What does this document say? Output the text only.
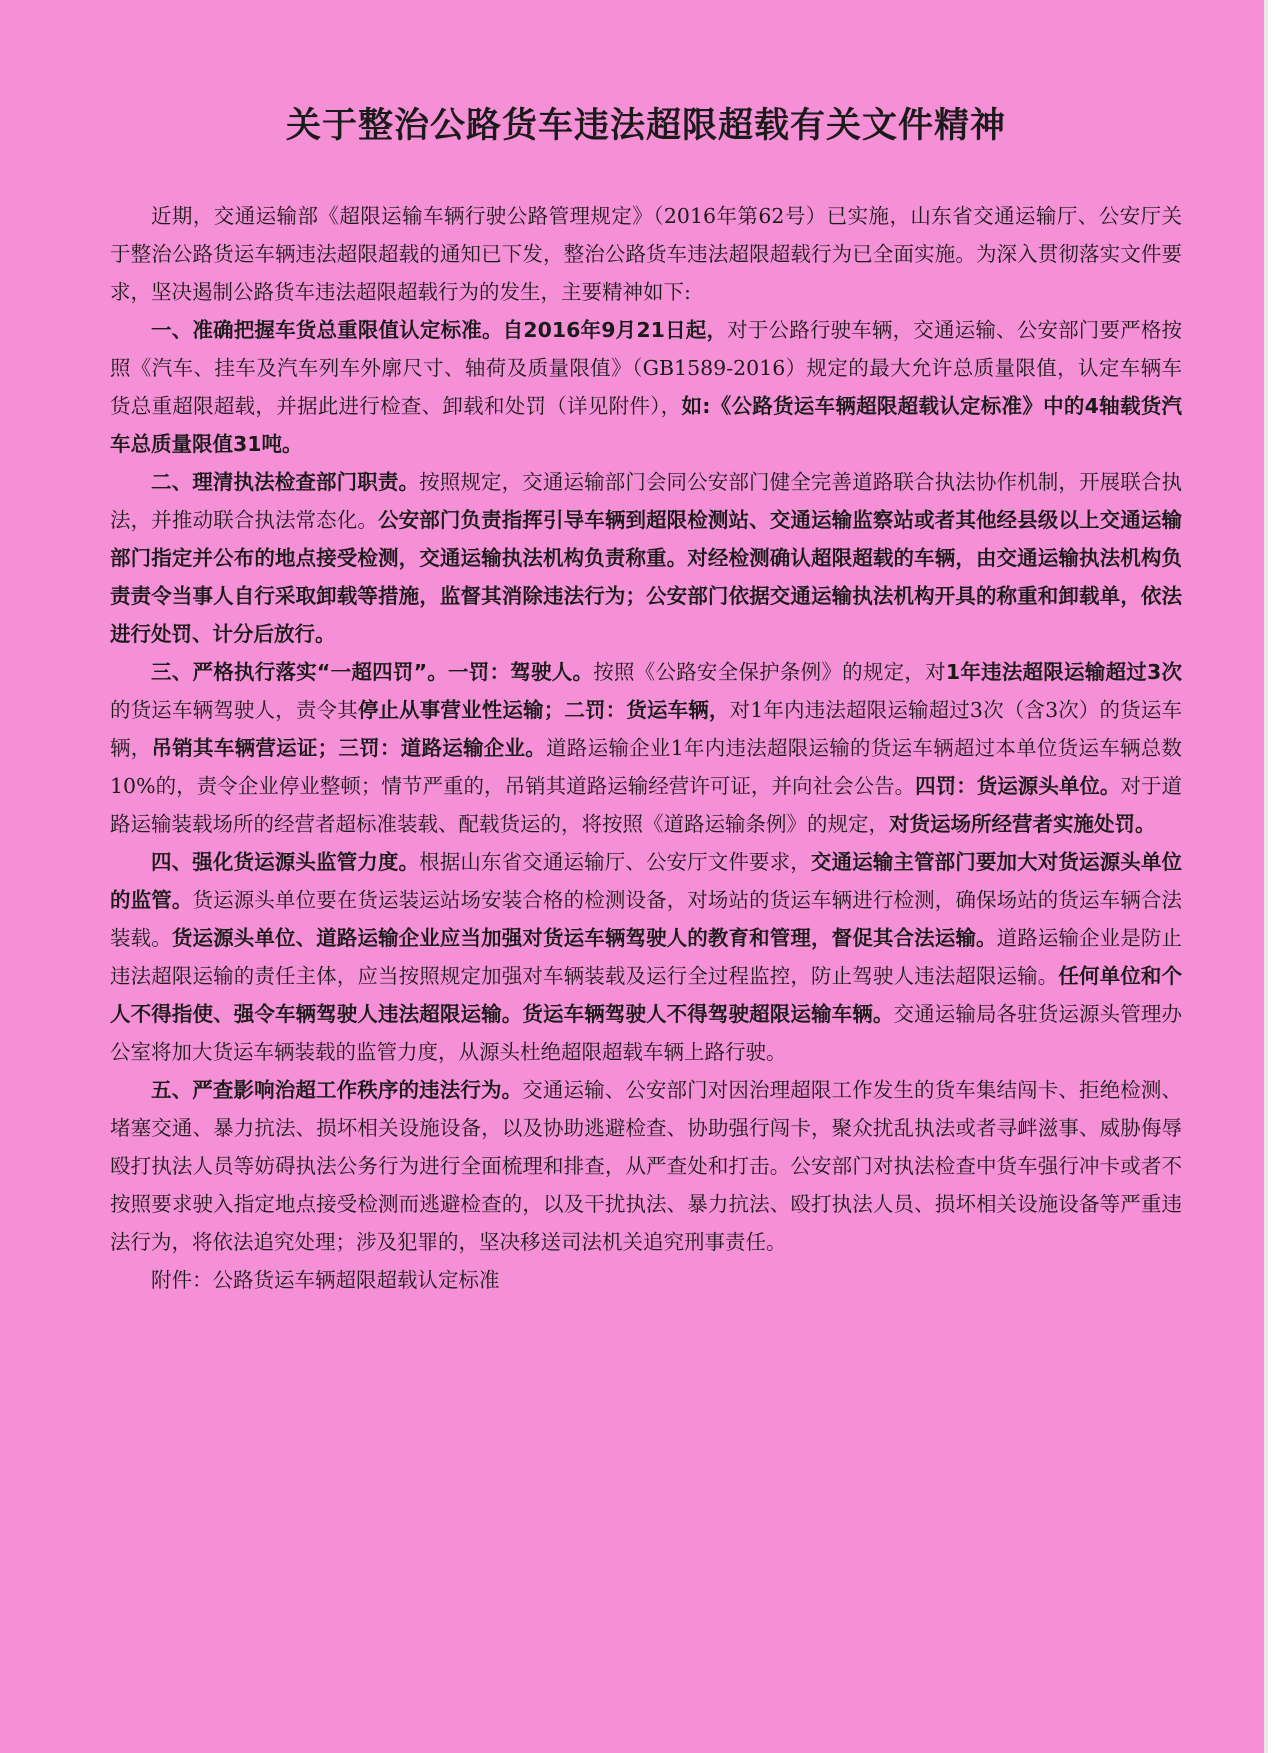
关于整治公路货车违法超限超载有关文件精神

近期，交通运输部《超限运输车辆行驶公路管理规定》（2016年第62号）已实施，山东省交通运输厅、公安厅关于整治公路货运车辆违法超限超载的通知已下发，整治公路货车违法超限超载行为已全面实施。为深入贯彻落实文件要求，坚决遏制公路货车违法超限超载行为的发生，主要精神如下:

一、准确把握车货总重限值认定标准。自2016年9月21日起，对于公路行驶车辆，交通运输、公安部门要严格按照《汽车、挂车及汽车列车外廓尺寸、轴荷及质量限值》（GB1589-2016）规定的最大允许总质量限值，认定车辆车货总重超限超载，并据此进行检查、卸载和处罚（详见附件），如:《公路货运车辆超限超载认定标准》中的4轴载货汽车总质量限值31吨。

二、理清执法检查部门职责。按照规定，交通运输部门会同公安部门健全完善道路联合执法协作机制，开展联合执法，并推动联合执法常态化。公安部门负责指挥引导车辆到超限检测站、交通运输监察站或者其他经县级以上交通运输部门指定并公布的地点接受检测，交通运输执法机构负责称重。对经检测确认超限超载的车辆，由交通运输执法机构负责责令当事人自行采取卸载等措施，监督其消除违法行为；公安部门依据交通运输执法机构开具的称重和卸载单，依法进行处罚、计分后放行。

三、严格执行落实“一超四罚”。一罚：驾驶人。按照《公路安全保护条例》的规定，对1年违法超限运输超过3次的货运车辆驾驶人，责令其停止从事营业性运输；二罚：货运车辆，对1年内违法超限运输超过3次（含3次）的货运车辆，吊销其车辆营运证；三罚：道路运输企业。道路运输企业1年内违法超限运输的货运车辆超过本单位货运车辆总数10%的，责令企业停业整顿；情节严重的，吊销其道路运输经营许可证，并向社会公告。四罚：货运源头单位。对于道路运输装载场所的经营者超标准装载、配载货运的，将按照《道路运输条例》的规定，对货运场所经营者实施处罚。

四、强化货运源头监管力度。根据山东省交通运输厅、公安厅文件要求，交通运输主管部门要加大对货运源头单位的监管。货运源头单位要在货运装运站场安装合格的检测设备，对场站的货运车辆进行检测，确保场站的货运车辆合法装载。货运源头单位、道路运输企业应当加强对货运车辆驾驶人的教育和管理，督促其合法运输。道路运输企业是防止违法超限运输的责任主体，应当按照规定加强对车辆装载及运行全过程监控，防止驾驶人违法超限运输。任何单位和个人不得指使、强令车辆驾驶人违法超限运输。货运车辆驾驶人不得驾驶超限运输车辆。交通运输局各驻货运源头管理办公室将加大货运车辆装载的监管力度，从源头杜绝超限超载车辆上路行驶。

五、严查影响治超工作秩序的违法行为。交通运输、公安部门对因治理超限工作发生的货车集结闯卡、拒绝检测、堵塞交通、暴力抗法、损坏相关设施设备，以及协助逃避检查、协助强行闯卡，聚众扰乱执法或者寻衅滋事、威胁侮辱殴打执法人员等妨碍执法公务行为进行全面梳理和排查，从严查处和打击。公安部门对执法检查中货车强行冲卡或者不按照要求驶入指定地点接受检测而逃避检查的，以及干扰执法、暴力抗法、殴打执法人员、损坏相关设施设备等严重违法行为，将依法追究处理；涉及犯罪的，坚决移送司法机关追究刑事责任。

附件：公路货运车辆超限超载认定标准
